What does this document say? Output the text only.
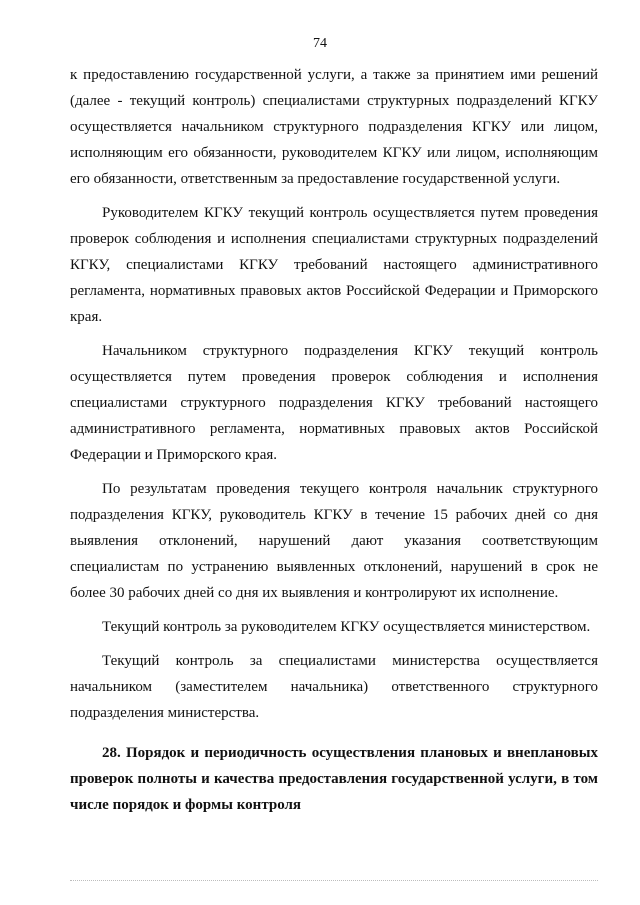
74

к предоставлению государственной услуги, а также за принятием ими решений (далее - текущий контроль) специалистами структурных подразделений КГКУ осуществляется начальником структурного подразделения КГКУ или лицом, исполняющим его обязанности, руководителем КГКУ или лицом, исполняющим его обязанности, ответственным за предоставление государственной услуги.

Руководителем КГКУ текущий контроль осуществляется путем проведения проверок соблюдения и исполнения специалистами структурных подразделений КГКУ, специалистами КГКУ требований настоящего административного регламента, нормативных правовых актов Российской Федерации и Приморского края.

Начальником структурного подразделения КГКУ текущий контроль осуществляется путем проведения проверок соблюдения и исполнения специалистами структурного подразделения КГКУ требований настоящего административного регламента, нормативных правовых актов Российской Федерации и Приморского края.

По результатам проведения текущего контроля начальник структурного подразделения КГКУ, руководитель КГКУ в течение 15 рабочих дней со дня выявления отклонений, нарушений дают указания соответствующим специалистам по устранению выявленных отклонений, нарушений в срок не более 30 рабочих дней со дня их выявления и контролируют их исполнение.

Текущий контроль за руководителем КГКУ осуществляется министерством.

Текущий контроль за специалистами министерства осуществляется начальником (заместителем начальника) ответственного структурного подразделения министерства.

28. Порядок и периодичность осуществления плановых и внеплановых проверок полноты и качества предоставления государственной услуги, в том числе порядок и формы контроля
